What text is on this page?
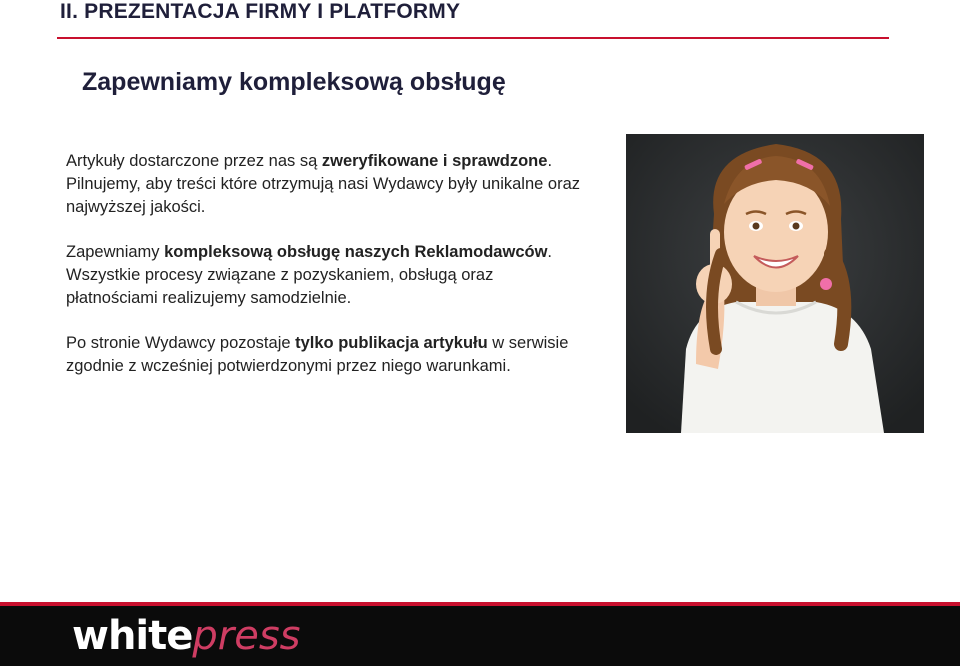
II. PREZENTACJA FIRMY I PLATFORMY
Zapewniamy kompleksową obsługę

Artykuły dostarczone przez nas są zweryfikowane i sprawdzone. Pilnujemy, aby treści które otrzymują nasi Wydawcy były unikalne oraz najwyższej jakości.

Zapewniamy kompleksową obsługę naszych Reklamodawców. Wszystkie procesy związane z pozyskaniem, obsługą oraz płatnościami realizujemy samodzielnie.

Po stronie Wydawcy pozostaje tylko publikacja artykułu w serwisie zgodnie z wcześniej potwierdzonymi przez niego warunkami.

whitepress
